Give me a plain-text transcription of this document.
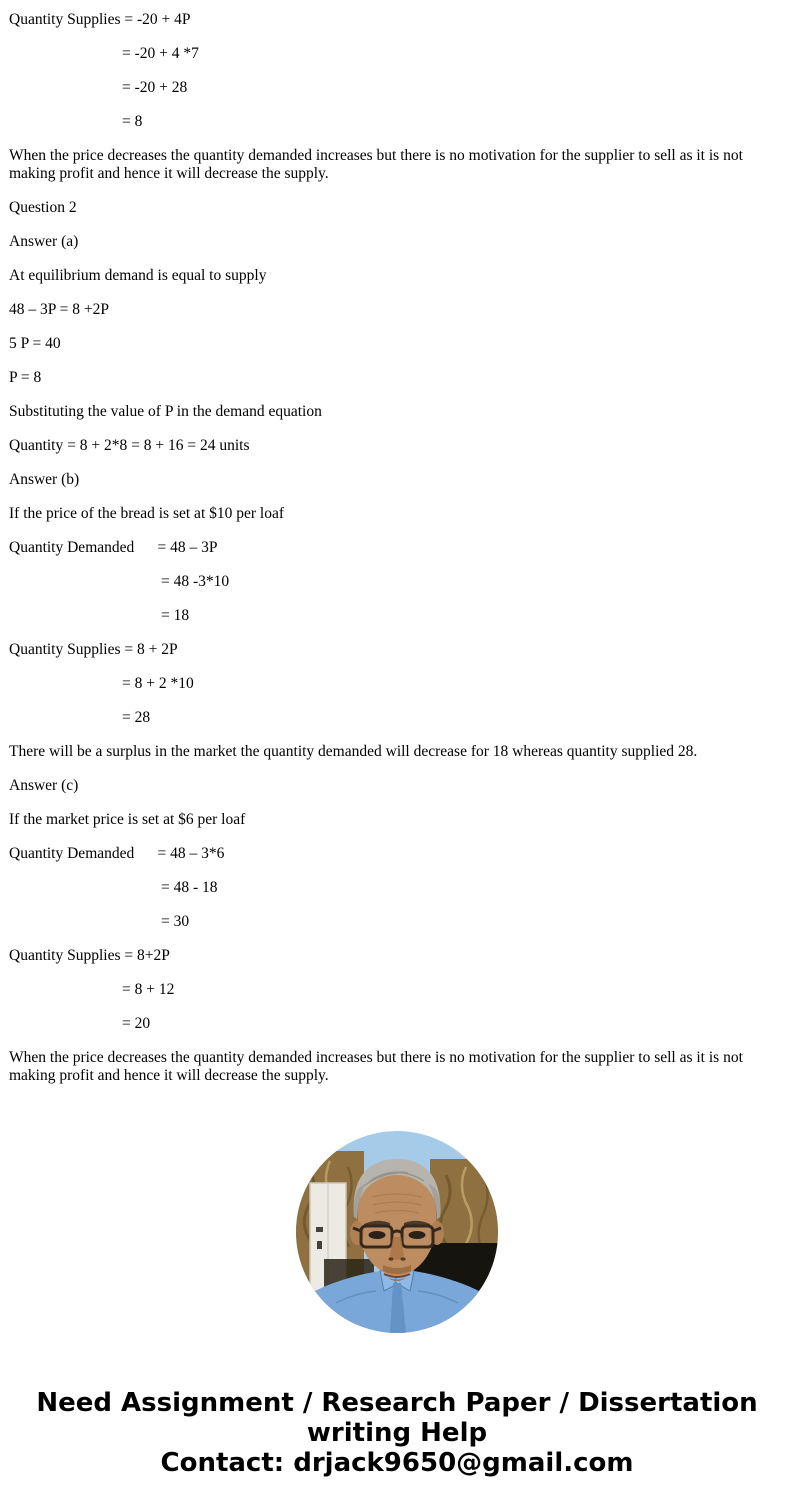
Quantity Supplies = -20 + 4P

= -20 + 4 *7

= -20 + 28

= 8

When the price decreases the quantity demanded increases but there is no motivation for the supplier to sell as it is not making profit and hence it will decrease the supply.

Question 2

Answer (a)

At equilibrium demand is equal to supply

48 – 3P = 8 +2P

5 P = 40

P = 8

Substituting the value of P in the demand equation

Quantity = 8 + 2*8 = 8 + 16 = 24 units

Answer (b)

If the price of the bread is set at $10 per loaf

Quantity Demanded      = 48 – 3P

= 48 -3*10

= 18

Quantity Supplies = 8 + 2P

= 8 + 2 *10

= 28

There will be a surplus in the market the quantity demanded will decrease for 18 whereas quantity supplied 28.

Answer (c)

If the market price is set at $6 per loaf

Quantity Demanded      = 48 – 3*6

= 48 - 18

= 30

Quantity Supplies = 8+2P

= 8 + 12

= 20

When the price decreases the quantity demanded increases but there is no motivation for the supplier to sell as it is not making profit and hence it will decrease the supply.

Need Assignment / Research Paper / Dissertation writing Help
Contact: drjack9650@gmail.com
